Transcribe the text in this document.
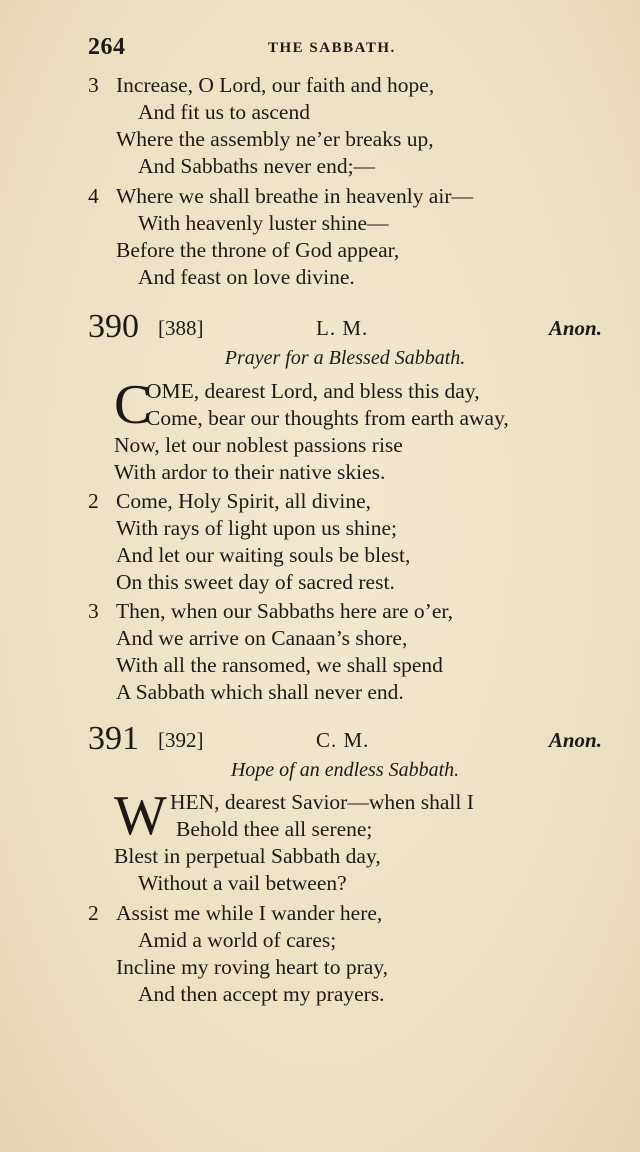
264	THE SABBATH.
3 Increase, O Lord, our faith and hope,
And fit us to ascend
Where the assembly ne’er breaks up,
And Sabbaths never end;—
4 Where we shall breathe in heavenly air—
With heavenly luster shine—
Before the throne of God appear,
And feast on love divine.
390 [388]	L. M.	Anon.
Prayer for a Blessed Sabbath.
C
OME, dearest Lord, and bless this day,
Come, bear our thoughts from earth away,
Now, let our noblest passions rise
With ardor to their native skies.
2 Come, Holy Spirit, all divine,
With rays of light upon us shine;
And let our waiting souls be blest,
On this sweet day of sacred rest.
3 Then, when our Sabbaths here are o’er,
And we arrive on Canaan’s shore,
With all the ransomed, we shall spend
A Sabbath which shall never end.
391 [392]	C. M.	Anon.
Hope of an endless Sabbath.
W HEN, dearest Savior—when shall I
Behold thee all serene;
Blest in perpetual Sabbath day,
Without a vail between?
2 Assist me while I wander here,
Amid a world of cares;
Incline my roving heart to pray,
And then accept my prayers.
